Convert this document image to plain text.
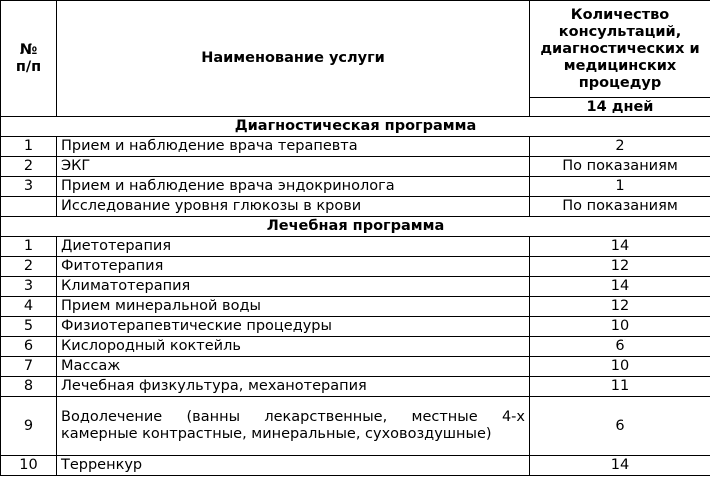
№ п/п	Наименование услуги	Количество консультаций, диагностических и медицинских процедур
		14 дней
Диагностическая программа		
1	Прием и наблюдение врача терапевта	2
2	ЭКГ	По показаниям
3	Прием и наблюдение врача эндокринолога	1
	Исследование уровня глюкозы в крови	По показаниям
Лечебная программа		
1	Диетотерапия	14
2	Фитотерапия	12
3	Климатотерапия	14
4	Прием минеральной воды	12
5	Физиотерапевтические процедуры	10
6	Кислородный коктейль	6
7	Массаж	10
8	Лечебная физкультура, механотерапия	11
9	Водолечение (ванны лекарственные, местные 4-х камерные контрастные, минеральные, суховоздушные)	6
10	Терренкур	14
